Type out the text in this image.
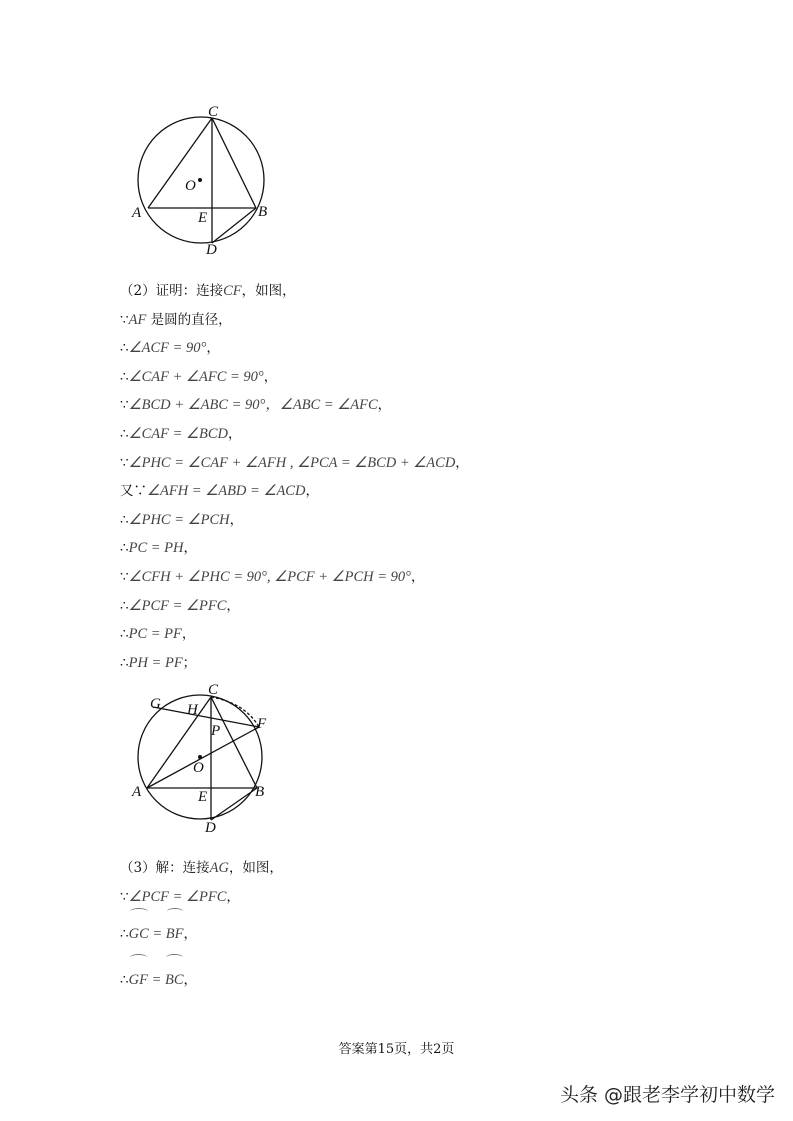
C
O
A	E	B
D
（2）证明：连接CF，如图，
∵AF 是圆的直径，
∴∠ACF = 90°，
∴∠CAF + ∠AFC = 90°，
∵∠BCD + ∠ABC = 90°，∠ABC = ∠AFC，
∴∠CAF = ∠BCD，
∵∠PHC = ∠CAF + ∠AFH , ∠PCA = ∠BCD + ∠ACD，
又∵∠AFH = ∠ABD = ∠ACD，
∴∠PHC = ∠PCH，
∴PC = PH，
∵∠CFH + ∠PHC = 90°, ∠PCF + ∠PCH = 90°，
∴∠PCF = ∠PFC，
∴PC = PF，
∴PH = PF；
C
G H
F
P
O
A	E	B
D
（3）解：连接AG，如图，
∵∠PCF = ∠PFC，
∴GC = BF，
∴GF = BC，
答案第15页，共2页
头条 @跟老李学初中数学
